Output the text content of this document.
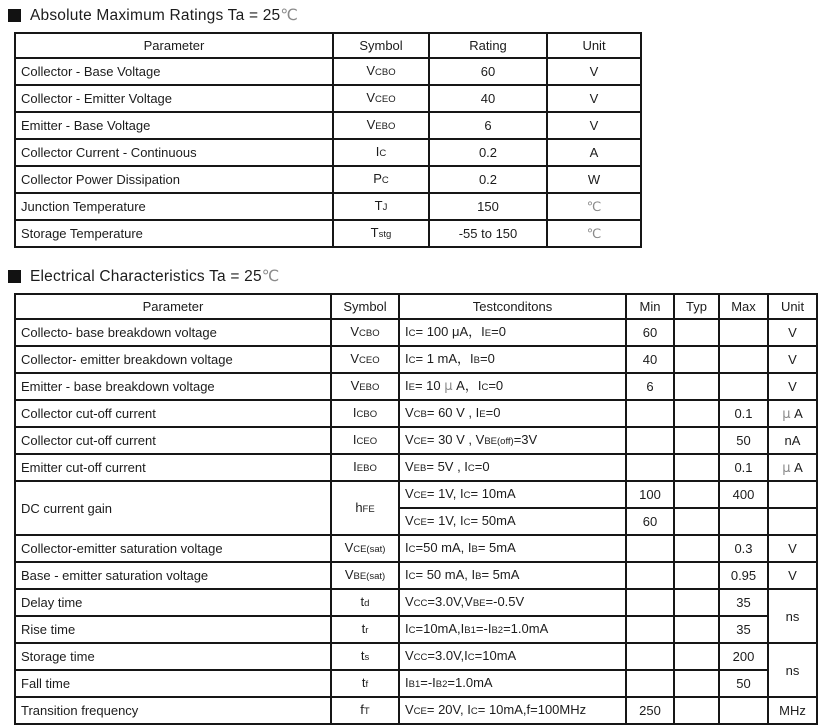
Absolute Maximum Ratings Ta = 25℃
Parameter	Symbol	Rating	Unit
Collector - Base Voltage	VCBO	60	V
Collector - Emitter Voltage	VCEO	40	V
Emitter - Base Voltage	VEBO	6	V
Collector Current - Continuous	IC	0.2	A
Collector Power Dissipation	PC	0.2	W
Junction Temperature	TJ	150	℃
Storage Temperature	Tstg	-55 to 150	℃
Electrical Characteristics Ta = 25℃
Parameter	Symbol	Testconditons	Min	Typ	Max	Unit
Collecto- base breakdown voltage	VCBO	IC= 100 μA，IE=0	60			V
Collector- emitter breakdown voltage	VCEO	IC= 1 mA，IB=0	40			V
Emitter - base breakdown voltage	VEBO	IE= 10 μ A，IC=0	6			V
Collector cut-off current	ICBO	VCB= 60 V , IE=0			0.1	μ A
Collector cut-off current	ICEO	VCE= 30 V , VBE(off)=3V			50	nA
Emitter cut-off current	IEBO	VEB= 5V , IC=0			0.1	μ A
DC current gain	hFE	VCE= 1V, IC= 10mA	100		400	
		VCE= 1V, IC= 50mA	60			
Collector-emitter saturation voltage	VCE(sat)	IC=50 mA, IB= 5mA			0.3	V
Base - emitter saturation voltage	VBE(sat)	IC= 50 mA, IB= 5mA			0.95	V
Delay time	td	VCC=3.0V,VBE=-0.5V			35	ns
Rise time	tr	IC=10mA,IB1=-IB2=1.0mA			35	
Storage time	ts	VCC=3.0V,IC=10mA			200	ns
Fall time	tf	IB1=-IB2=1.0mA			50	
Transition frequency	fT	VCE= 20V, IC= 10mA,f=100MHz	250			MHz
